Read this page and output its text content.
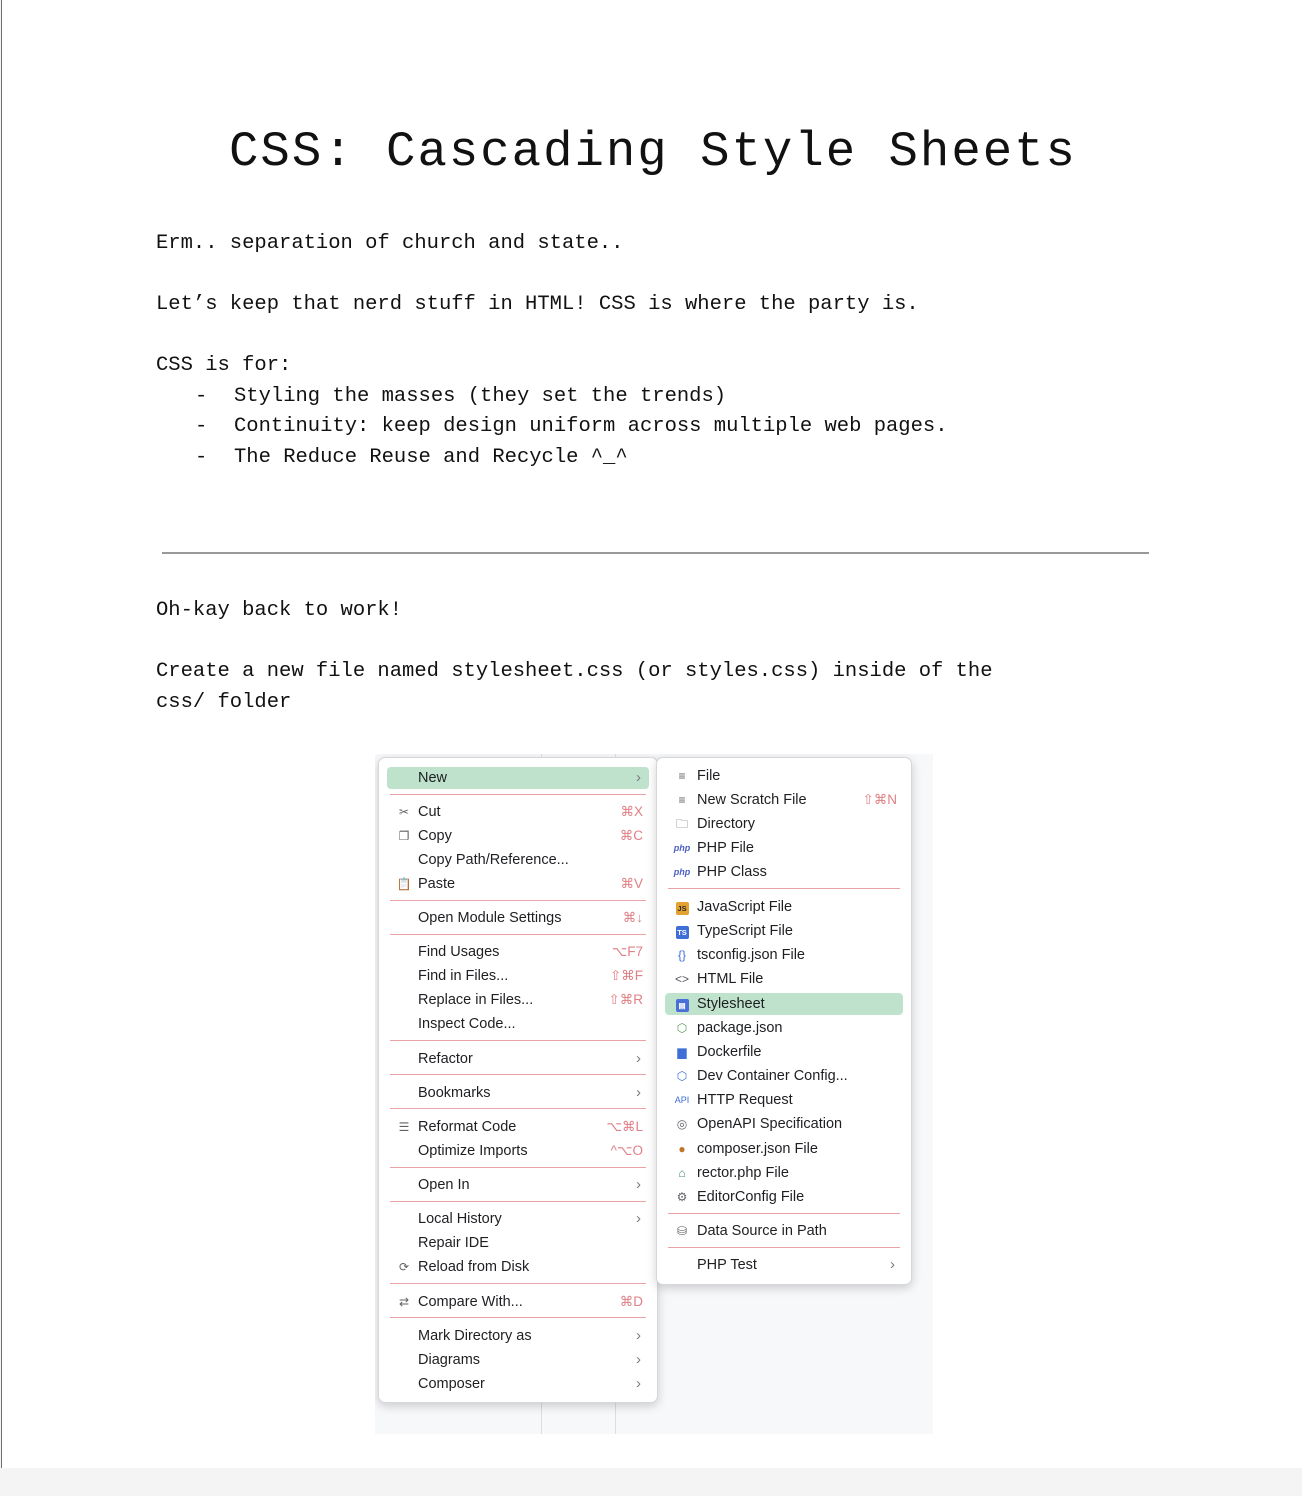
CSS: Cascading Style Sheets
Erm.. separation of church and state..
Let’s keep that nerd stuff in HTML! CSS is where the party is.
CSS is for:
- Styling the masses (they set the trends)
- Continuity: keep design uniform across multiple web pages.
- The Reduce Reuse and Recycle ^_^
Oh-kay back to work!
Create a new file named stylesheet.css (or styles.css) inside of the
css/ folder
New	›
✂ Cut	⌘X
❐ Copy	⌘C
Copy Path/Reference...
📋 Paste	⌘V
Open Module Settings	⌘↓
Find Usages	⌥F7
Find in Files...	⇧⌘F
Replace in Files...	⇧⌘R
Inspect Code...
Refactor	›
Bookmarks	›
☰ Reformat Code	⌥⌘L
Optimize Imports	^⌥O
Open In	›
Local History	›
Repair IDE
⟳ Reload from Disk
⇄ Compare With...	⌘D
Mark Directory as	›
Diagrams	›
Composer	›
≡ File
≡ New Scratch File	⇧⌘N
🗀 Directory
php PHP File
php PHP Class
JS JavaScript File
TS TypeScript File
{} tsconfig.json File
<> HTML File
▤ Stylesheet
⬡ package.json
▆ Dockerfile
⬡ Dev Container Config...
API HTTP Request
◎ OpenAPI Specification
● composer.json File
⌂ rector.php File
⚙ EditorConfig File
⛁ Data Source in Path
PHP Test	›
